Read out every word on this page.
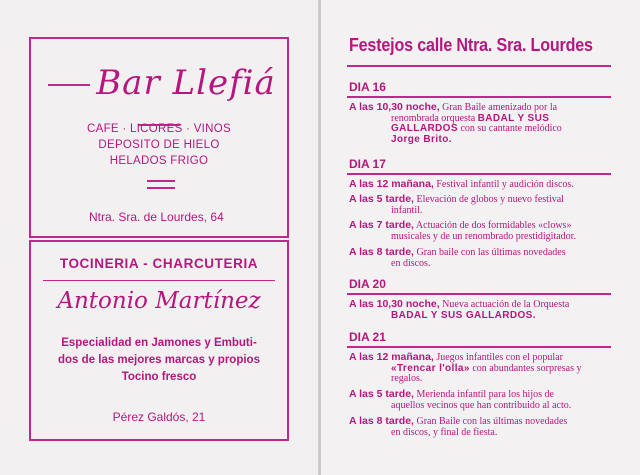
Bar Llefiá
CAFE · LICORES · VINOS
DEPOSITO DE HIELO
HELADOS FRIGO
Ntra. Sra. de Lourdes, 64
TOCINERIA - CHARCUTERIA
Antonio Martínez
Especialidad en Jamones y Embuti-
dos de las mejores marcas y propios
Tocino fresco
Pérez Galdós, 21
Festejos calle Ntra. Sra. Lourdes
DIA 16
A las 10,30 noche, Gran Baile amenizado por la
renombrada orquesta BADAL Y SUS
GALLARDOS con su cantante melódico
Jorge Brito.
DIA 17
A las 12 mañana, Festival infantil y audición discos.
A las 5 tarde, Elevación de globos y nuevo festival
infantil.
A las 7 tarde, Actuación de dos formidables «clows»
musicales y de un renombrado prestidigitador.
A las 8 tarde, Gran baile con las últimas novedades
en discos.
DIA 20
A las 10,30 noche, Nueva actuación de la Orquesta
BADAL Y SUS GALLARDOS.
DIA 21
A las 12 mañana, Juegos infantiles con el popular
«Trencar l'olla» con abundantes sorpresas y
regalos.
A las 5 tarde, Merienda infantil para los hijos de
aquellos vecinos que han contribuido al acto.
A las 8 tarde, Gran Baile con las últimas novedades
en discos, y final de fiesta.
